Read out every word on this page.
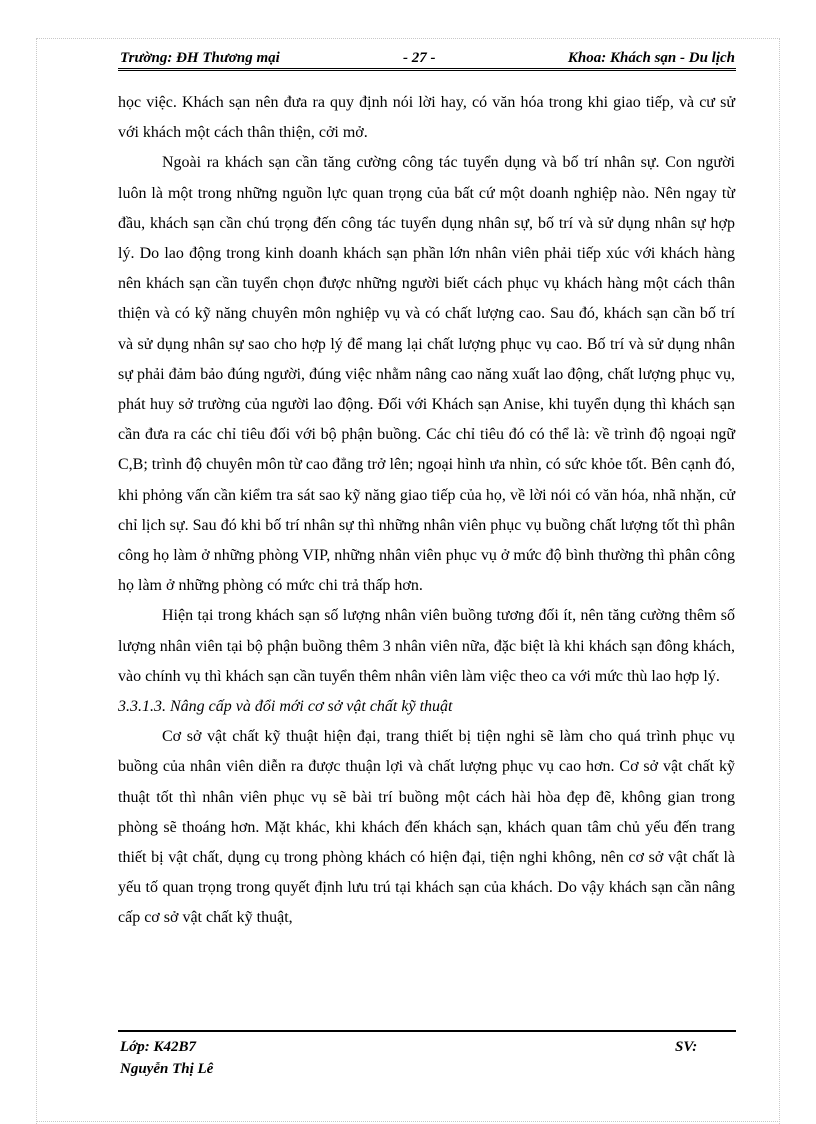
Trường: ĐH Thương mại	- 27 -	Khoa: Khách sạn - Du lịch

học việc. Khách sạn nên đưa ra quy định nói lời hay, có văn hóa trong khi giao tiếp, và cư sử với khách một cách thân thiện, cởi mở.

Ngoài ra khách sạn cần tăng cường công tác tuyển dụng và bố trí nhân sự. Con người luôn là một trong những nguồn lực quan trọng của bất cứ một doanh nghiệp nào. Nên ngay từ đầu, khách sạn cần chú trọng đến công tác tuyển dụng nhân sự, bố trí và sử dụng nhân sự hợp lý. Do lao động trong kinh doanh khách sạn phần lớn nhân viên phải tiếp xúc với khách hàng nên khách sạn cần tuyển chọn được những người biết cách phục vụ khách hàng một cách thân thiện và có kỹ năng chuyên môn nghiệp vụ và có chất lượng cao. Sau đó, khách sạn cần bố trí và sử dụng nhân sự sao cho hợp lý để mang lại chất lượng phục vụ cao. Bố trí và sử dụng nhân sự phải đảm bảo đúng người, đúng việc nhằm nâng cao năng xuất lao động, chất lượng phục vụ, phát huy sở trường của người lao động. Đối với Khách sạn Anise, khi tuyển dụng thì khách sạn cần đưa ra các chỉ tiêu đối với bộ phận buồng. Các chỉ tiêu đó có thể là: về trình độ ngoại ngữ C,B; trình độ chuyên môn từ cao đẳng trở lên; ngoại hình ưa nhìn, có sức khỏe tốt. Bên cạnh đó, khi phỏng vấn cần kiểm tra sát sao kỹ năng giao tiếp của họ, về lời nói có văn hóa, nhã nhặn, cử chỉ lịch sự. Sau đó khi bố trí nhân sự thì những nhân viên phục vụ buồng chất lượng tốt thì phân công họ làm ở những phòng VIP, những nhân viên phục vụ ở mức độ bình thường thì phân công họ làm ở những phòng có mức chi trả thấp hơn.

Hiện tại trong khách sạn số lượng nhân viên buồng tương đối ít, nên tăng cường thêm số lượng nhân viên tại bộ phận buồng thêm 3 nhân viên nữa, đặc biệt là khi khách sạn đông khách, vào chính vụ thì khách sạn cần tuyển thêm nhân viên làm việc theo ca với mức thù lao hợp lý.

3.3.1.3. Nâng cấp và đổi mới cơ sở vật chất kỹ thuật

Cơ sở vật chất kỹ thuật hiện đại, trang thiết bị tiện nghi sẽ làm cho quá trình phục vụ buồng của nhân viên diễn ra được thuận lợi và chất lượng phục vụ cao hơn. Cơ sở vật chất kỹ thuật tốt thì nhân viên phục vụ sẽ bài trí buồng một cách hài hòa đẹp đẽ, không gian trong phòng sẽ thoáng hơn. Mặt khác, khi khách đến khách sạn, khách quan tâm chủ yếu đến trang thiết bị vật chất, dụng cụ trong phòng khách có hiện đại, tiện nghi không, nên cơ sở vật chất là yếu tố quan trọng trong quyết định lưu trú tại khách sạn của khách. Do vậy khách sạn cần nâng cấp cơ sở vật chất kỹ thuật,

Lớp: K42B7	SV:
Nguyễn Thị Lê
